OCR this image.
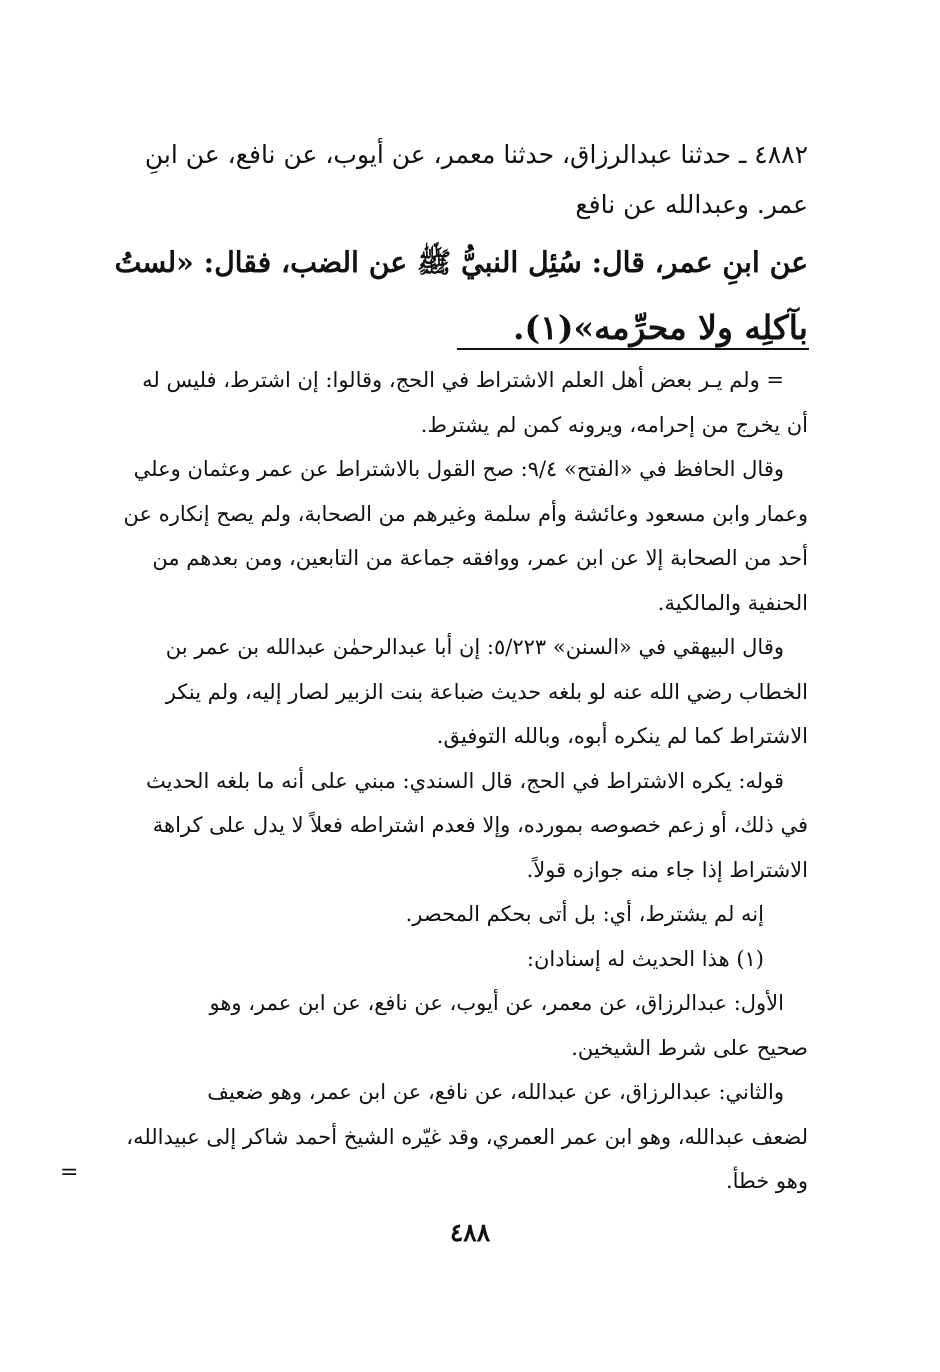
٤٨٨٢ ـ حدثنا عبدالرزاق، حدثنا معمر، عن أيوب، عن نافع، عن ابنِ
عمر. وعبدالله عن نافع
عن ابنِ عمر، قال: سُئِل النبيُّ ﷺ عن الضب، فقال: «لستُ
بآكلِه ولا محرِّمه»(١).
= ولم يـر بعض أهل العلم الاشتراط في الحج، وقالوا: إن اشترط، فليس له
أن يخرج من إحرامه، ويرونه كمن لم يشترط.
وقال الحافظ في «الفتح» ٩/٤: صح القول بالاشتراط عن عمر وعثمان وعلي
وعمار وابن مسعود وعائشة وأم سلمة وغيرهم من الصحابة، ولم يصح إنكاره عن
أحد من الصحابة إلا عن ابن عمر، ووافقه جماعة من التابعين، ومن بعدهم من
الحنفية والمالكية.
وقال البيهقي في «السنن» ٥/٢٢٣: إن أبا عبدالرحمٰن عبدالله بن عمر بن
الخطاب رضي الله عنه لو بلغه حديث ضباعة بنت الزبير لصار إليه، ولم ينكر
الاشتراط كما لم ينكره أبوه، وبالله التوفيق.
قوله: يكره الاشتراط في الحج، قال السندي: مبني على أنه ما بلغه الحديث
في ذلك، أو زعم خصوصه بمورده، وإلا فعدم اشتراطه فعلاً لا يدل على كراهة
الاشتراط إذا جاء منه جوازه قولاً.
إنه لم يشترط، أي: بل أتى بحكم المحصر.
(١) هذا الحديث له إسنادان:
الأول: عبدالرزاق، عن معمر، عن أيوب، عن نافع، عن ابن عمر، وهو
صحيح على شرط الشيخين.
والثاني: عبدالرزاق، عن عبدالله، عن نافع، عن ابن عمر، وهو ضعيف
لضعف عبدالله، وهو ابن عمر العمري، وقد غيّره الشيخ أحمد شاكر إلى عبيدالله،
وهو خطأ.
=
٤٨٨
